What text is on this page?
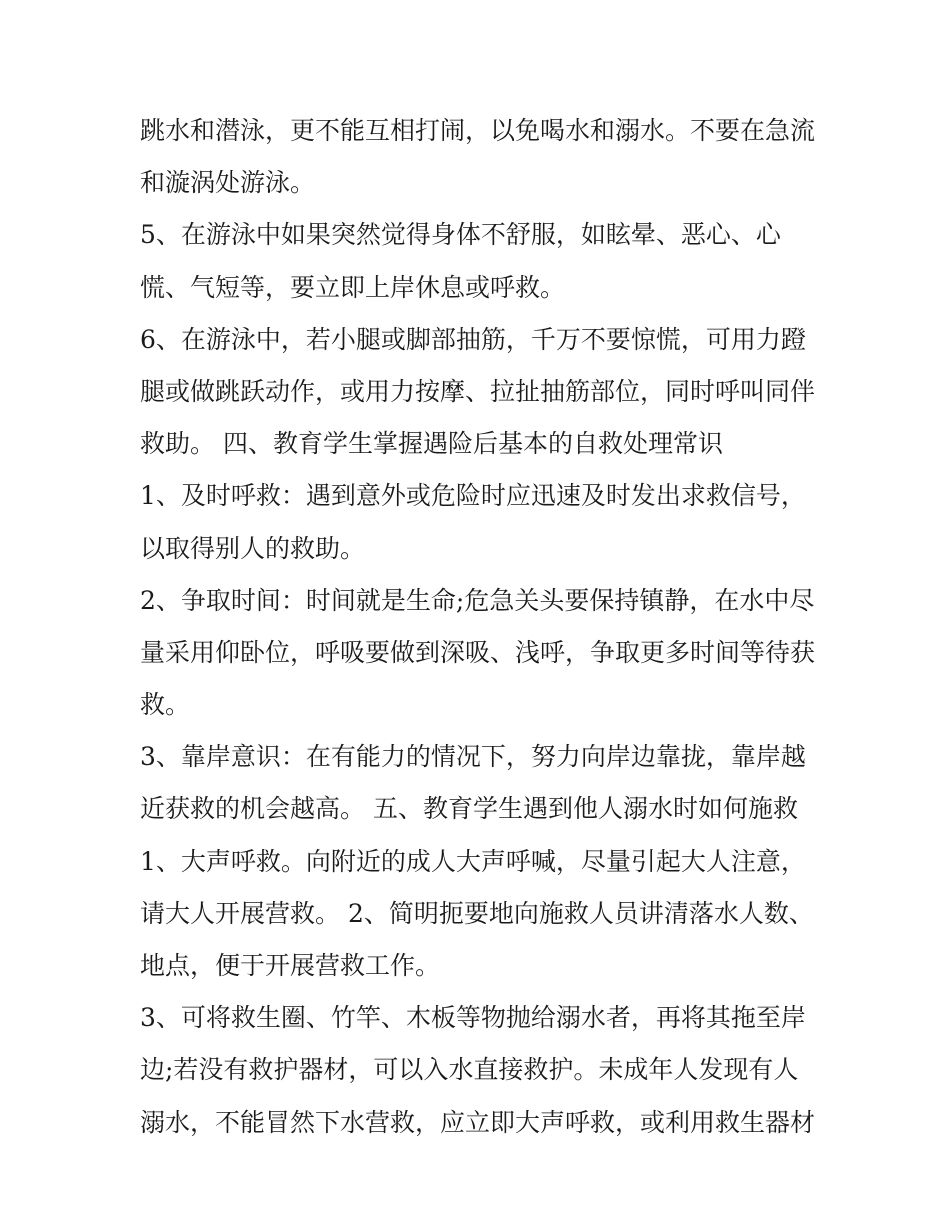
跳水和潜泳，更不能互相打闹，以免喝水和溺水。不要在急流
和漩涡处游泳。
5、在游泳中如果突然觉得身体不舒服，如眩晕、恶心、心
慌、气短等，要立即上岸休息或呼救。
6、在游泳中，若小腿或脚部抽筋，千万不要惊慌，可用力蹬
腿或做跳跃动作，或用力按摩、拉扯抽筋部位，同时呼叫同伴
救助。 四、教育学生掌握遇险后基本的自救处理常识
1、及时呼救：遇到意外或危险时应迅速及时发出求救信号，
以取得别人的救助。
2、争取时间：时间就是生命;危急关头要保持镇静，在水中尽
量采用仰卧位，呼吸要做到深吸、浅呼，争取更多时间等待获
救。
3、靠岸意识：在有能力的情况下，努力向岸边靠拢，靠岸越
近获救的机会越高。 五、教育学生遇到他人溺水时如何施救
1、大声呼救。向附近的成人大声呼喊，尽量引起大人注意，
请大人开展营救。 2、简明扼要地向施救人员讲清落水人数、
地点，便于开展营救工作。
3、可将救生圈、竹竿、木板等物抛给溺水者，再将其拖至岸
边;若没有救护器材，可以入水直接救护。未成年人发现有人
溺水，不能冒然下水营救，应立即大声呼救，或利用救生器材
